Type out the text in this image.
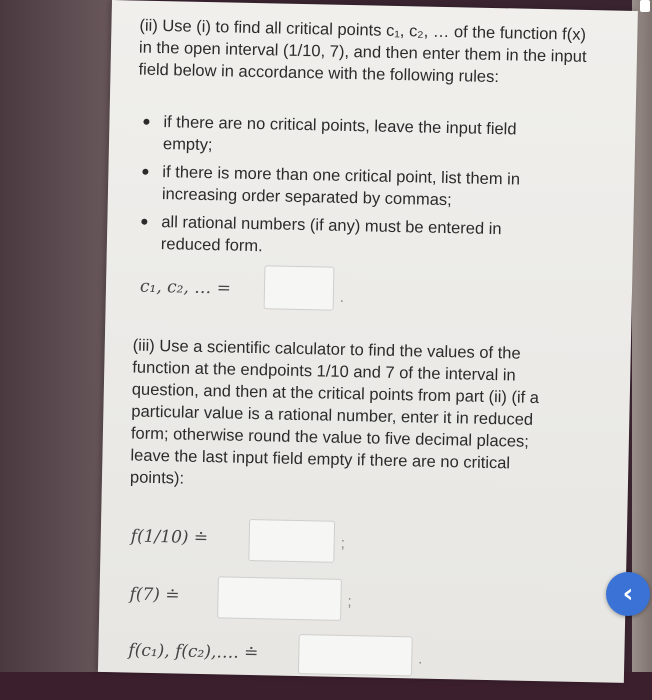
(ii) Use (i) to find all critical points c₁, c₂, … of the function f(x) in the open interval (1/10, 7), and then enter them in the input field below in accordance with the following rules:

if there are no critical points, leave the input field empty;
if there is more than one critical point, list them in increasing order separated by commas;
all rational numbers (if any) must be entered in reduced form.
c₁, c₂, … =	.

(iii) Use a scientific calculator to find the values of the function at the endpoints 1/10 and 7 of the interval in question, and then at the critical points from part (ii) (if a particular value is a rational number, enter it in reduced form; otherwise round the value to five decimal places; leave the last input field empty if there are no critical points):

f(1/10) ≐	;
f(7) ≐	;
f(c₁), f(c₂),…. ≐	.
‹
